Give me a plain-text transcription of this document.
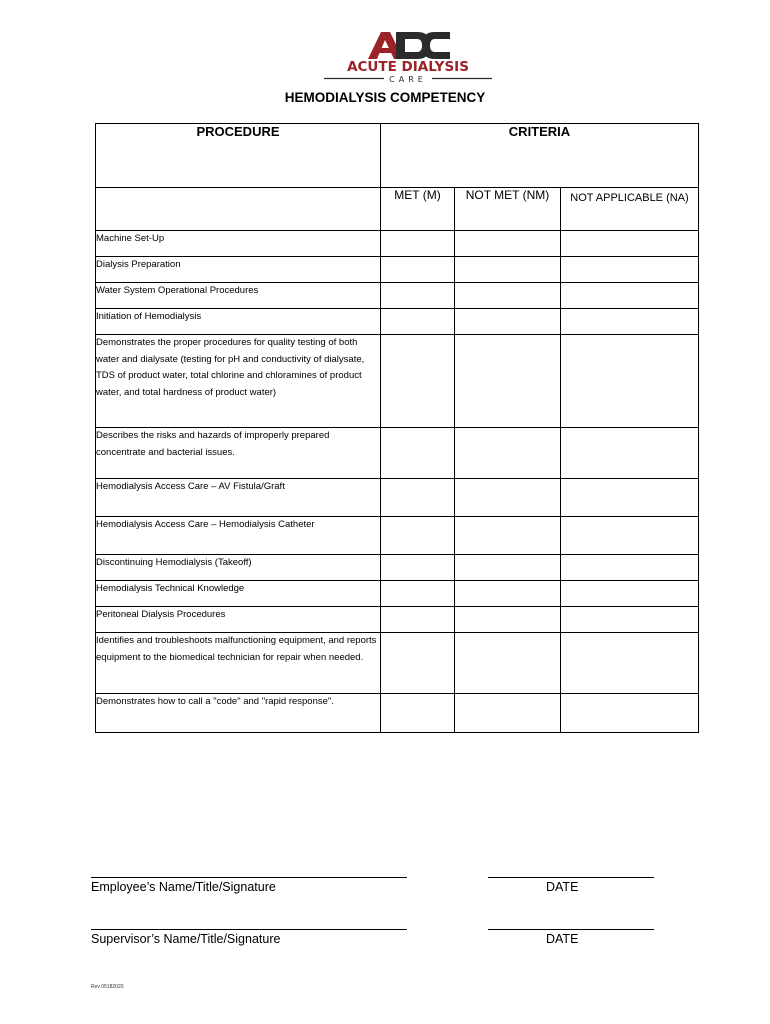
ACUTE DIALYSIS
CARE
HEMODIALYSIS COMPETENCY
PROCEDURE	CRITERIA		
	MET (M)	NOT MET (NM)	NOT APPLICABLE (NA)
Machine Set-Up			
Dialysis Preparation			
Water System Operational Procedures			
Initiation of Hemodialysis			
Demonstrates the proper procedures for quality testing of both water and dialysate (testing for pH and conductivity of dialysate, TDS of product water, total chlorine and chloramines of product water, and total hardness of product water)			
Describes the risks and hazards of improperly prepared concentrate and bacterial issues.			
Hemodialysis Access Care – AV Fistula/Graft			
Hemodialysis Access Care – Hemodialysis Catheter			
Discontinuing Hemodialysis (Takeoff)			
Hemodialysis Technical Knowledge			
Peritoneal Dialysis Procedures			
Identifies and troubleshoots malfunctioning equipment, and reports equipment to the biomedical technician for repair when needed.			
Demonstrates how to call a "code" and "rapid response".			
Employee’s Name/Title/Signature	DATE
Supervisor’s Name/Title/Signature	DATE
Rev 05182020
